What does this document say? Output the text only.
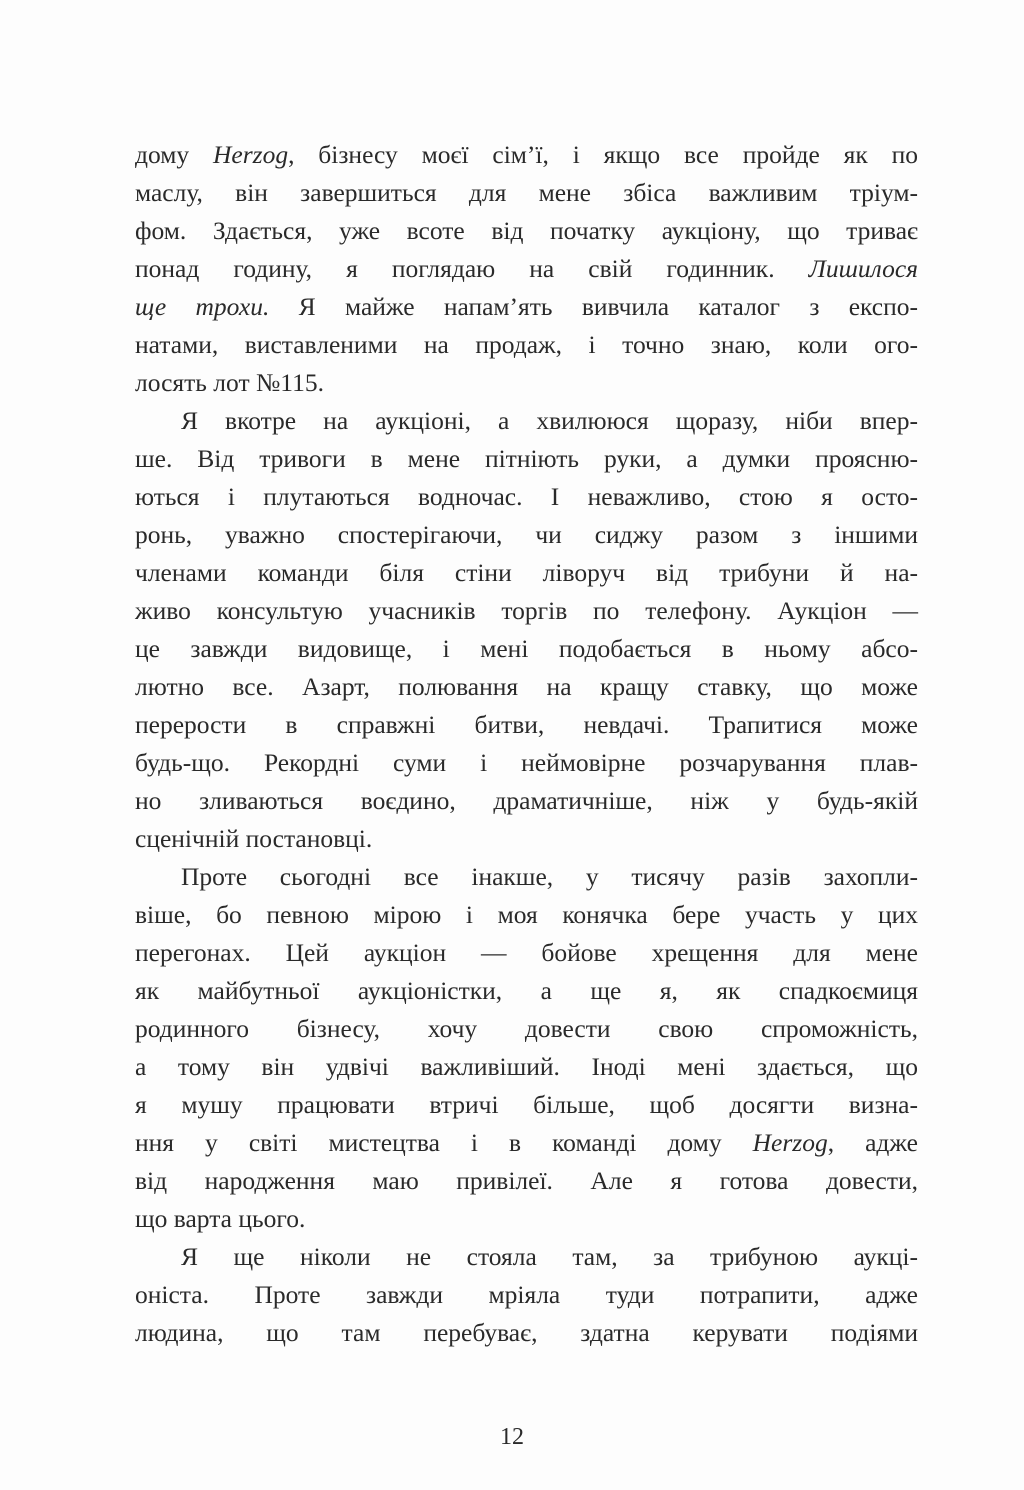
дому Herzog, бізнесу моєї сім’ї, і якщо все пройде як по
маслу, він завершиться для мене збіса важливим тріум-
фом. Здається, уже всоте від початку аукціону, що триває
понад годину, я поглядаю на свій годинник. Лишилося
ще трохи. Я майже напам’ять вивчила каталог з експо-
натами, виставленими на продаж, і точно знаю, коли ого-
лосять лот №115.
Я вкотре на аукціоні, а хвилююся щоразу, ніби впер-
ше. Від тривоги в мене пітніють руки, а думки проясню-
ються і плутаються водночас. І неважливо, стою я осто-
ронь, уважно спостерігаючи, чи сиджу разом з іншими
членами команди біля стіни ліворуч від трибуни й на-
живо консультую учасників торгів по телефону. Аукціон —
це завжди видовище, і мені подобається в ньому абсо-
лютно все. Азарт, полювання на кращу ставку, що може
перерости в справжні битви, невдачі. Трапитися може
будь-що. Рекордні суми і неймовірне розчарування плав-
но зливаються воєдино, драматичніше, ніж у будь-якій
сценічній постановці.
Проте сьогодні все інакше, у тисячу разів захопли-
віше, бо певною мірою і моя конячка бере участь у цих
перегонах. Цей аукціон — бойове хрещення для мене
як майбутньої аукціоністки, а ще я, як спадкоємиця
родинного бізнесу, хочу довести свою спроможність,
а тому він удвічі важливіший. Іноді мені здається, що
я мушу працювати втричі більше, щоб досягти визна-
ння у світі мистецтва і в команді дому Herzog, адже
від народження маю привілеї. Але я готова довести,
що варта цього.
Я ще ніколи не стояла там, за трибуною аукці-
оніста. Проте завжди мріяла туди потрапити, адже
людина, що там перебуває, здатна керувати подіями
12
